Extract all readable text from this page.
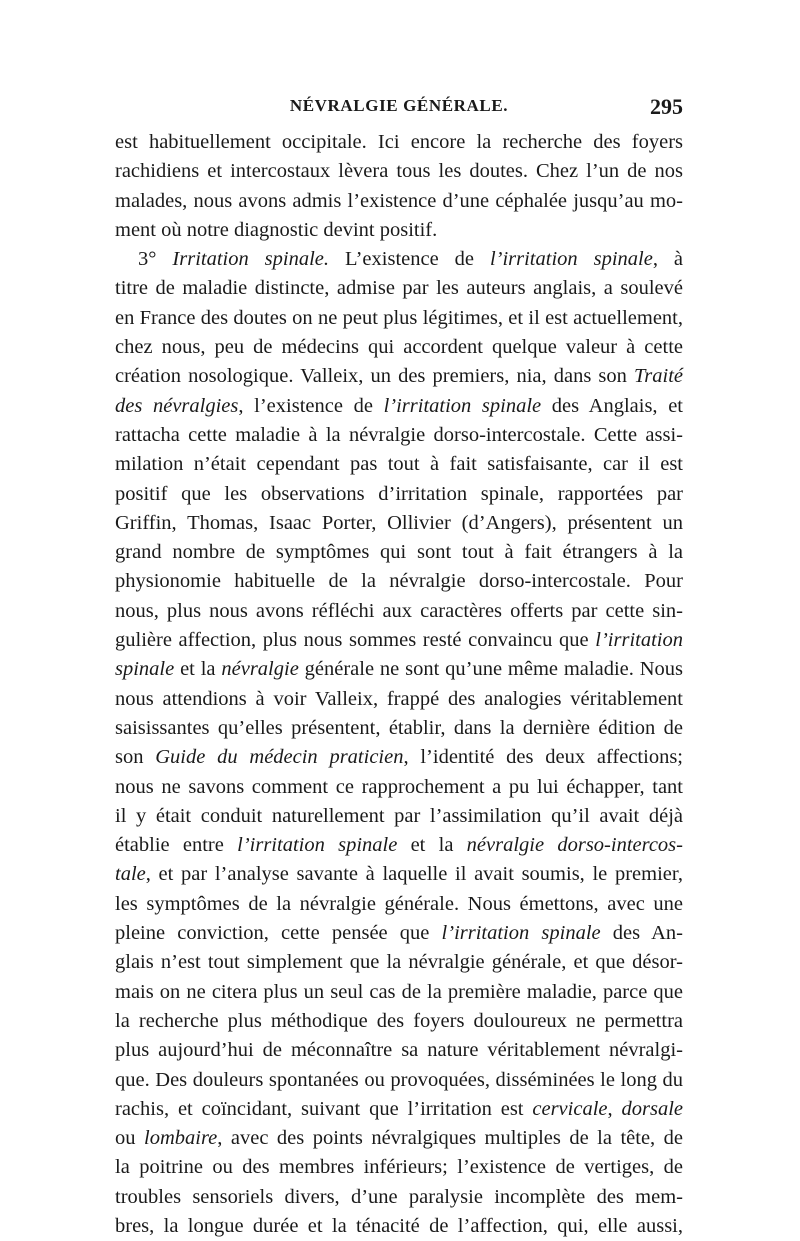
NÉVRALGIE GÉNÉRALE.	295
est habituellement occipitale. Ici encore la recherche des foyers
rachidiens et intercostaux lèvera tous les doutes. Chez l’un de nos
malades, nous avons admis l’existence d’une céphalée jusqu’au mo-
ment où notre diagnostic devint positif.
3° Irritation spinale. L’existence de l’irritation spinale, à
titre de maladie distincte, admise par les auteurs anglais, a soulevé
en France des doutes on ne peut plus légitimes, et il est actuellement,
chez nous, peu de médecins qui accordent quelque valeur à cette
création nosologique. Valleix, un des premiers, nia, dans son Traité
des névralgies, l’existence de l’irritation spinale des Anglais, et
rattacha cette maladie à la névralgie dorso-intercostale. Cette assi-
milation n’était cependant pas tout à fait satisfaisante, car il est
positif que les observations d’irritation spinale, rapportées par
Griffin, Thomas, Isaac Porter, Ollivier (d’Angers), présentent un
grand nombre de symptômes qui sont tout à fait étrangers à la
physionomie habituelle de la névralgie dorso-intercostale. Pour
nous, plus nous avons réfléchi aux caractères offerts par cette sin-
gulière affection, plus nous sommes resté convaincu que l’irritation
spinale et la névralgie générale ne sont qu’une même maladie. Nous
nous attendions à voir Valleix, frappé des analogies véritablement
saisissantes qu’elles présentent, établir, dans la dernière édition de
son Guide du médecin praticien, l’identité des deux affections;
nous ne savons comment ce rapprochement a pu lui échapper, tant
il y était conduit naturellement par l’assimilation qu’il avait déjà
établie entre l’irritation spinale et la névralgie dorso-intercos-
tale, et par l’analyse savante à laquelle il avait soumis, le premier,
les symptômes de la névralgie générale. Nous émettons, avec une
pleine conviction, cette pensée que l’irritation spinale des An-
glais n’est tout simplement que la névralgie générale, et que désor-
mais on ne citera plus un seul cas de la première maladie, parce que
la recherche plus méthodique des foyers douloureux ne permettra
plus aujourd’hui de méconnaître sa nature véritablement névralgi-
que. Des douleurs spontanées ou provoquées, disséminées le long du
rachis, et coïncidant, suivant que l’irritation est cervicale, dorsale
ou lombaire, avec des points névralgiques multiples de la tête, de
la poitrine ou des membres inférieurs; l’existence de vertiges, de
troubles sensoriels divers, d’une paralysie incomplète des mem-
bres, la longue durée et la ténacité de l’affection, qui, elle aussi,
